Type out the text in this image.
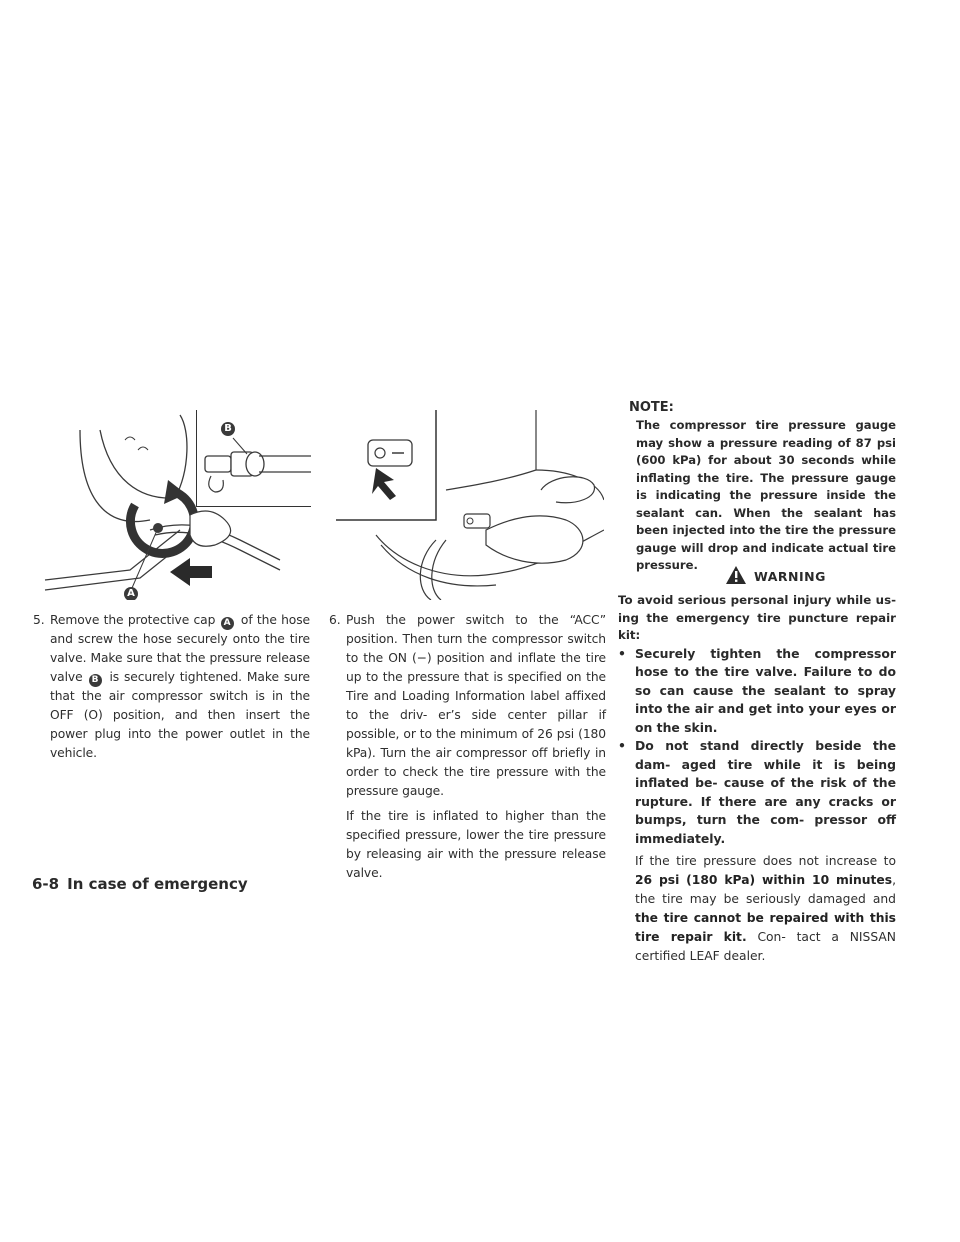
A
B
5. Remove the protective cap A of the hose and screw the hose securely onto the tire valve. Make sure that the pressure release valve B is securely tightened. Make sure that the air compressor switch is in the OFF (O) position, and then insert the power plug into the power outlet in the vehicle.
6. Push the power switch to the “ACC” position. Then turn the compressor switch to the ON (−) position and inflate the tire up to the pressure that is specified on the Tire and Loading Information label affixed to the driv- er’s side center pillar if possible, or to the minimum of 26 psi (180 kPa). Turn the air compressor off briefly in order to check the tire pressure with the pressure gauge.
If the tire is inflated to higher than the specified pressure, lower the tire pressure by releasing air with the pressure release valve.
NOTE:
The compressor tire pressure gauge may show a pressure reading of 87 psi (600 kPa) for about 30 seconds while inflating the tire. The pressure gauge is indicating the pressure inside the sealant can. When the sealant has been injected into the tire the pressure gauge will drop and indicate actual tire pressure.
WARNING
To avoid serious personal injury while us- ing the emergency tire puncture repair kit:
• Securely tighten the compressor hose to the tire valve. Failure to do so can cause the sealant to spray into the air and get into your eyes or on the skin.
• Do not stand directly beside the dam- aged tire while it is being inflated be- cause of the risk of the rupture. If there are any cracks or bumps, turn the com- pressor off immediately.
If the tire pressure does not increase to 26 psi (180 kPa) within 10 minutes, the tire may be seriously damaged and the tire cannot be repaired with this tire repair kit. Con- tact a NISSAN certified LEAF dealer.
6-8 In case of emergency
